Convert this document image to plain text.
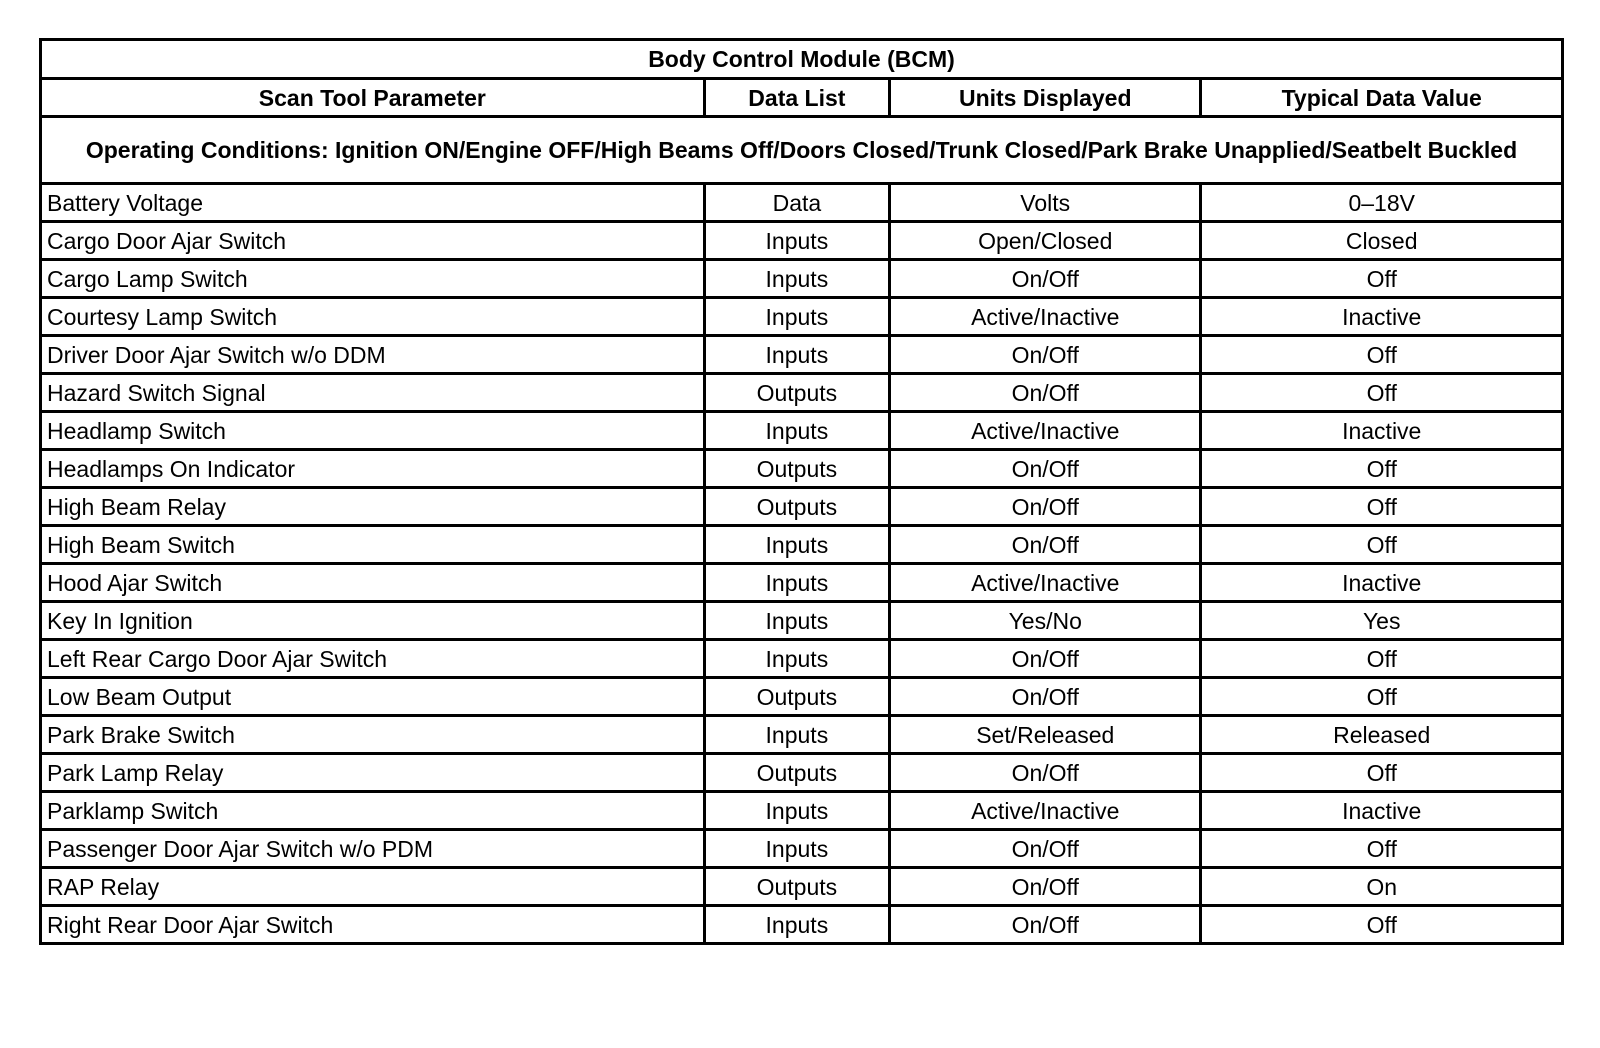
Body Control Module (BCM)			
Scan Tool Parameter	Data List	Units Displayed	Typical Data Value
Operating Conditions: Ignition ON/Engine OFF/High Beams Off/Doors Closed/Trunk Closed/Park Brake Unapplied/Seatbelt Buckled			
Battery Voltage	Data	Volts	0–18V
Cargo Door Ajar Switch	Inputs	Open/Closed	Closed
Cargo Lamp Switch	Inputs	On/Off	Off
Courtesy Lamp Switch	Inputs	Active/Inactive	Inactive
Driver Door Ajar Switch w/o DDM	Inputs	On/Off	Off
Hazard Switch Signal	Outputs	On/Off	Off
Headlamp Switch	Inputs	Active/Inactive	Inactive
Headlamps On Indicator	Outputs	On/Off	Off
High Beam Relay	Outputs	On/Off	Off
High Beam Switch	Inputs	On/Off	Off
Hood Ajar Switch	Inputs	Active/Inactive	Inactive
Key In Ignition	Inputs	Yes/No	Yes
Left Rear Cargo Door Ajar Switch	Inputs	On/Off	Off
Low Beam Output	Outputs	On/Off	Off
Park Brake Switch	Inputs	Set/Released	Released
Park Lamp Relay	Outputs	On/Off	Off
Parklamp Switch	Inputs	Active/Inactive	Inactive
Passenger Door Ajar Switch w/o PDM	Inputs	On/Off	Off
RAP Relay	Outputs	On/Off	On
Right Rear Door Ajar Switch	Inputs	On/Off	Off
